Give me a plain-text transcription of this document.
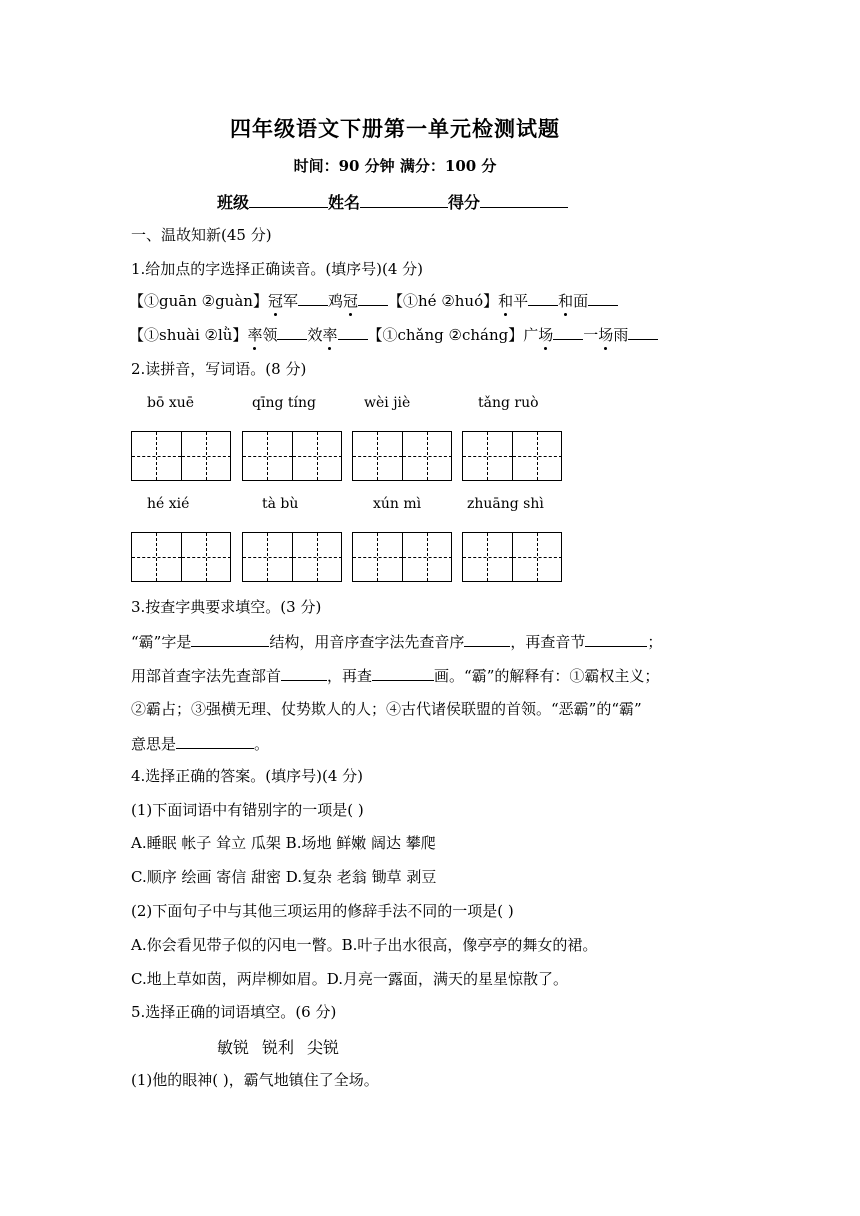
四年级语文下册第一单元检测试题
时间：90 分钟 满分：100 分
班级	姓名	得分
一、温故知新(45 分)
1.给加点的字选择正确读音。(填序号)(4 分)
【①guān ②guàn】冠军 鸡冠 【①hé ②huó】和平 和面
【①shuài ②lǜ】率领 效率 【①chǎng ②cháng】广场 一场雨
2.读拼音，写词语。(8 分)
bō xuē	qīng tíng	wèi jiè	tǎng ruò
hé xié	tà bù	xún mì	zhuāng shì
3.按查字典要求填空。(3 分)
“霸”字是	结构，用音序查字法先查音序	，再查音节	；
用部首查字法先查部首	，再查	画。“霸”的解释有：①霸权主义；
②霸占；③强横无理、仗势欺人的人；④古代诸侯联盟的首领。“恶霸”的“霸”
意思是	。
4.选择正确的答案。(填序号)(4 分)
(1)下面词语中有错别字的一项是( )
A.睡眠 帐子 耸立 瓜架 B.场地 鲜嫩 阔达 攀爬
C.顺序 绘画 寄信 甜密 D.复杂 老翁 锄草 剥豆
(2)下面句子中与其他三项运用的修辞手法不同的一项是( )
A.你会看见带子似的闪电一瞥。B.叶子出水很高，像亭亭的舞女的裙。
C.地上草如茵，两岸柳如眉。D.月亮一露面，满天的星星惊散了。
5.选择正确的词语填空。(6 分)
敏锐 锐利 尖锐
(1)他的眼神( )，霸气地镇住了全场。
